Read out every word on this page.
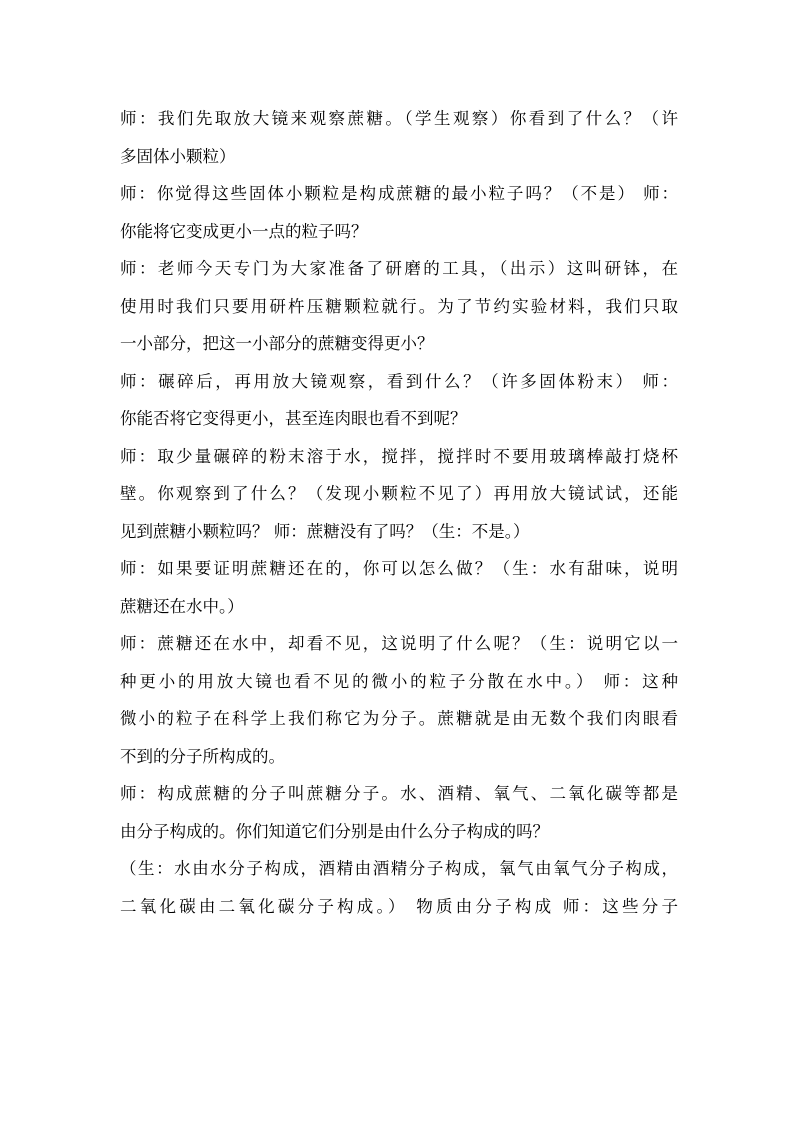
师：我们先取放大镜来观察蔗糖。（学生观察）你看到了什么？（许
多固体小颗粒）
师：你觉得这些固体小颗粒是构成蔗糖的最小粒子吗？（不是） 师：
你能将它变成更小一点的粒子吗？
师：老师今天专门为大家准备了研磨的工具，（出示）这叫研钵，在
使用时我们只要用研杵压糖颗粒就行。为了节约实验材料，我们只取
一小部分，把这一小部分的蔗糖变得更小？
师：碾碎后，再用放大镜观察，看到什么？（许多固体粉末） 师：
你能否将它变得更小，甚至连肉眼也看不到呢？
师：取少量碾碎的粉末溶于水，搅拌，搅拌时不要用玻璃棒敲打烧杯
壁。你观察到了什么？（发现小颗粒不见了）再用放大镜试试，还能
见到蔗糖小颗粒吗？ 师：蔗糖没有了吗？（生：不是。）
师：如果要证明蔗糖还在的，你可以怎么做？（生：水有甜味，说明
蔗糖还在水中。）
师：蔗糖还在水中，却看不见，这说明了什么呢？（生：说明它以一
种更小的用放大镜也看不见的微小的粒子分散在水中。） 师：这种
微小的粒子在科学上我们称它为分子。蔗糖就是由无数个我们肉眼看
不到的分子所构成的。
师：构成蔗糖的分子叫蔗糖分子。水、酒精、氧气、二氧化碳等都是
由分子构成的。你们知道它们分别是由什么分子构成的吗？
（生：水由水分子构成，酒精由酒精分子构成，氧气由氧气分子构成，
二氧化碳由二氧化碳分子构成。） 物质由分子构成 师：这些分子
